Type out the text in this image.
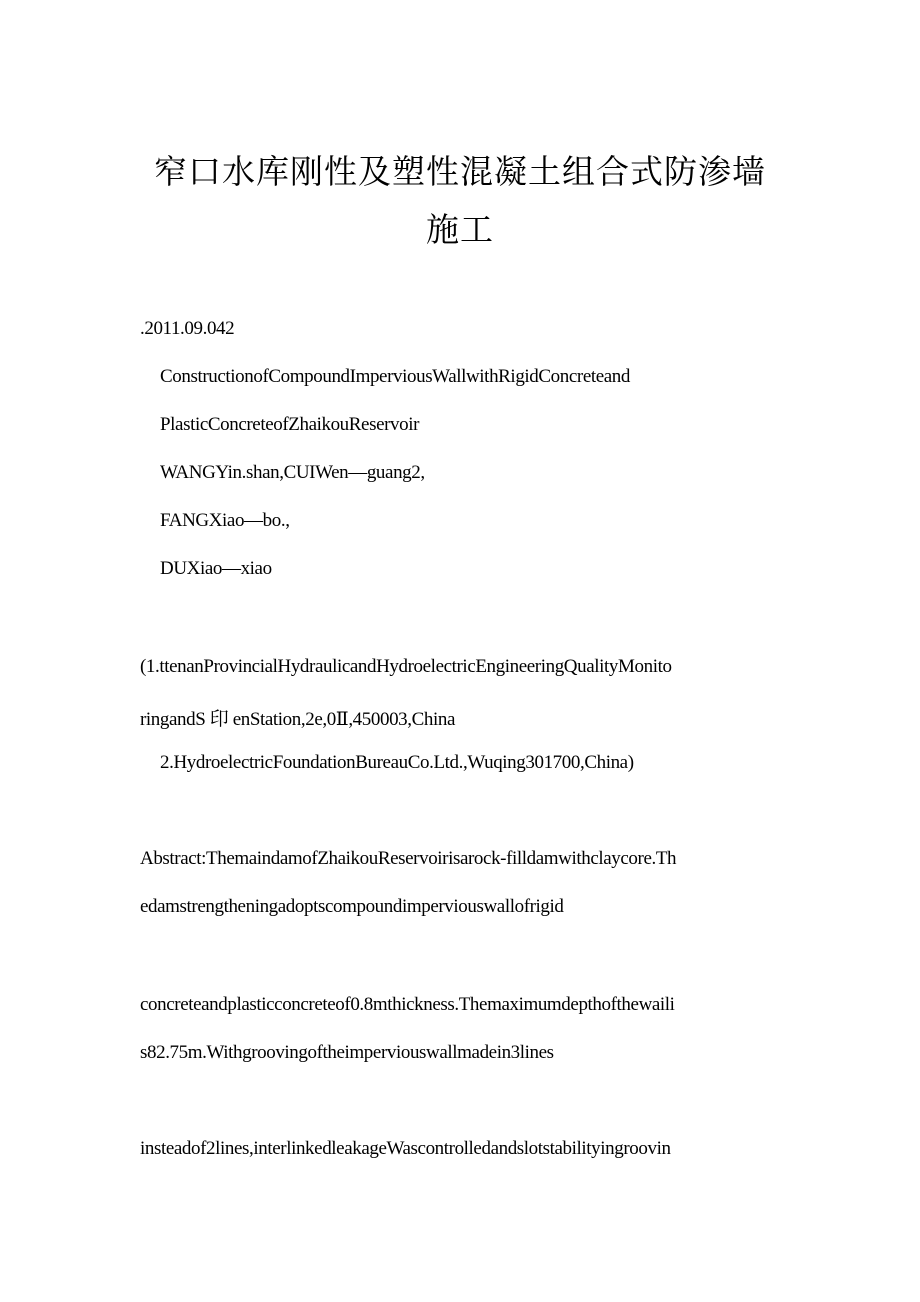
窄口水库刚性及塑性混凝土组合式防渗墙
施工
.2011.09.042
ConstructionofCompoundImperviousWallwithRigidConcreteand
PlasticConcreteofZhaikouReservoir
WANGYin.shan,CUIWen—guang2,
FANGXiao—bo.,
DUXiao—xiao
(1.ttenanProvincialHydraulicandHydroelectricEngineeringQualityMonito
ringandS 印 enStation,2e,0Ⅱ,450003,China
2.HydroelectricFoundationBureauCo.Ltd.,Wuqing301700,China)
Abstract:ThemaindamofZhaikouReservoirisarock-filldamwithclaycore.Th
edamstrengtheningadoptscompoundimperviouswallofrigid
concreteandplasticconcreteof0.8mthickness.Themaximumdepthofthewaili
s82.75m.Withgroovingoftheimperviouswallmadein3lines
insteadof2lines,interlinkedleakageWascontrolledandslotstabilityingroovin
